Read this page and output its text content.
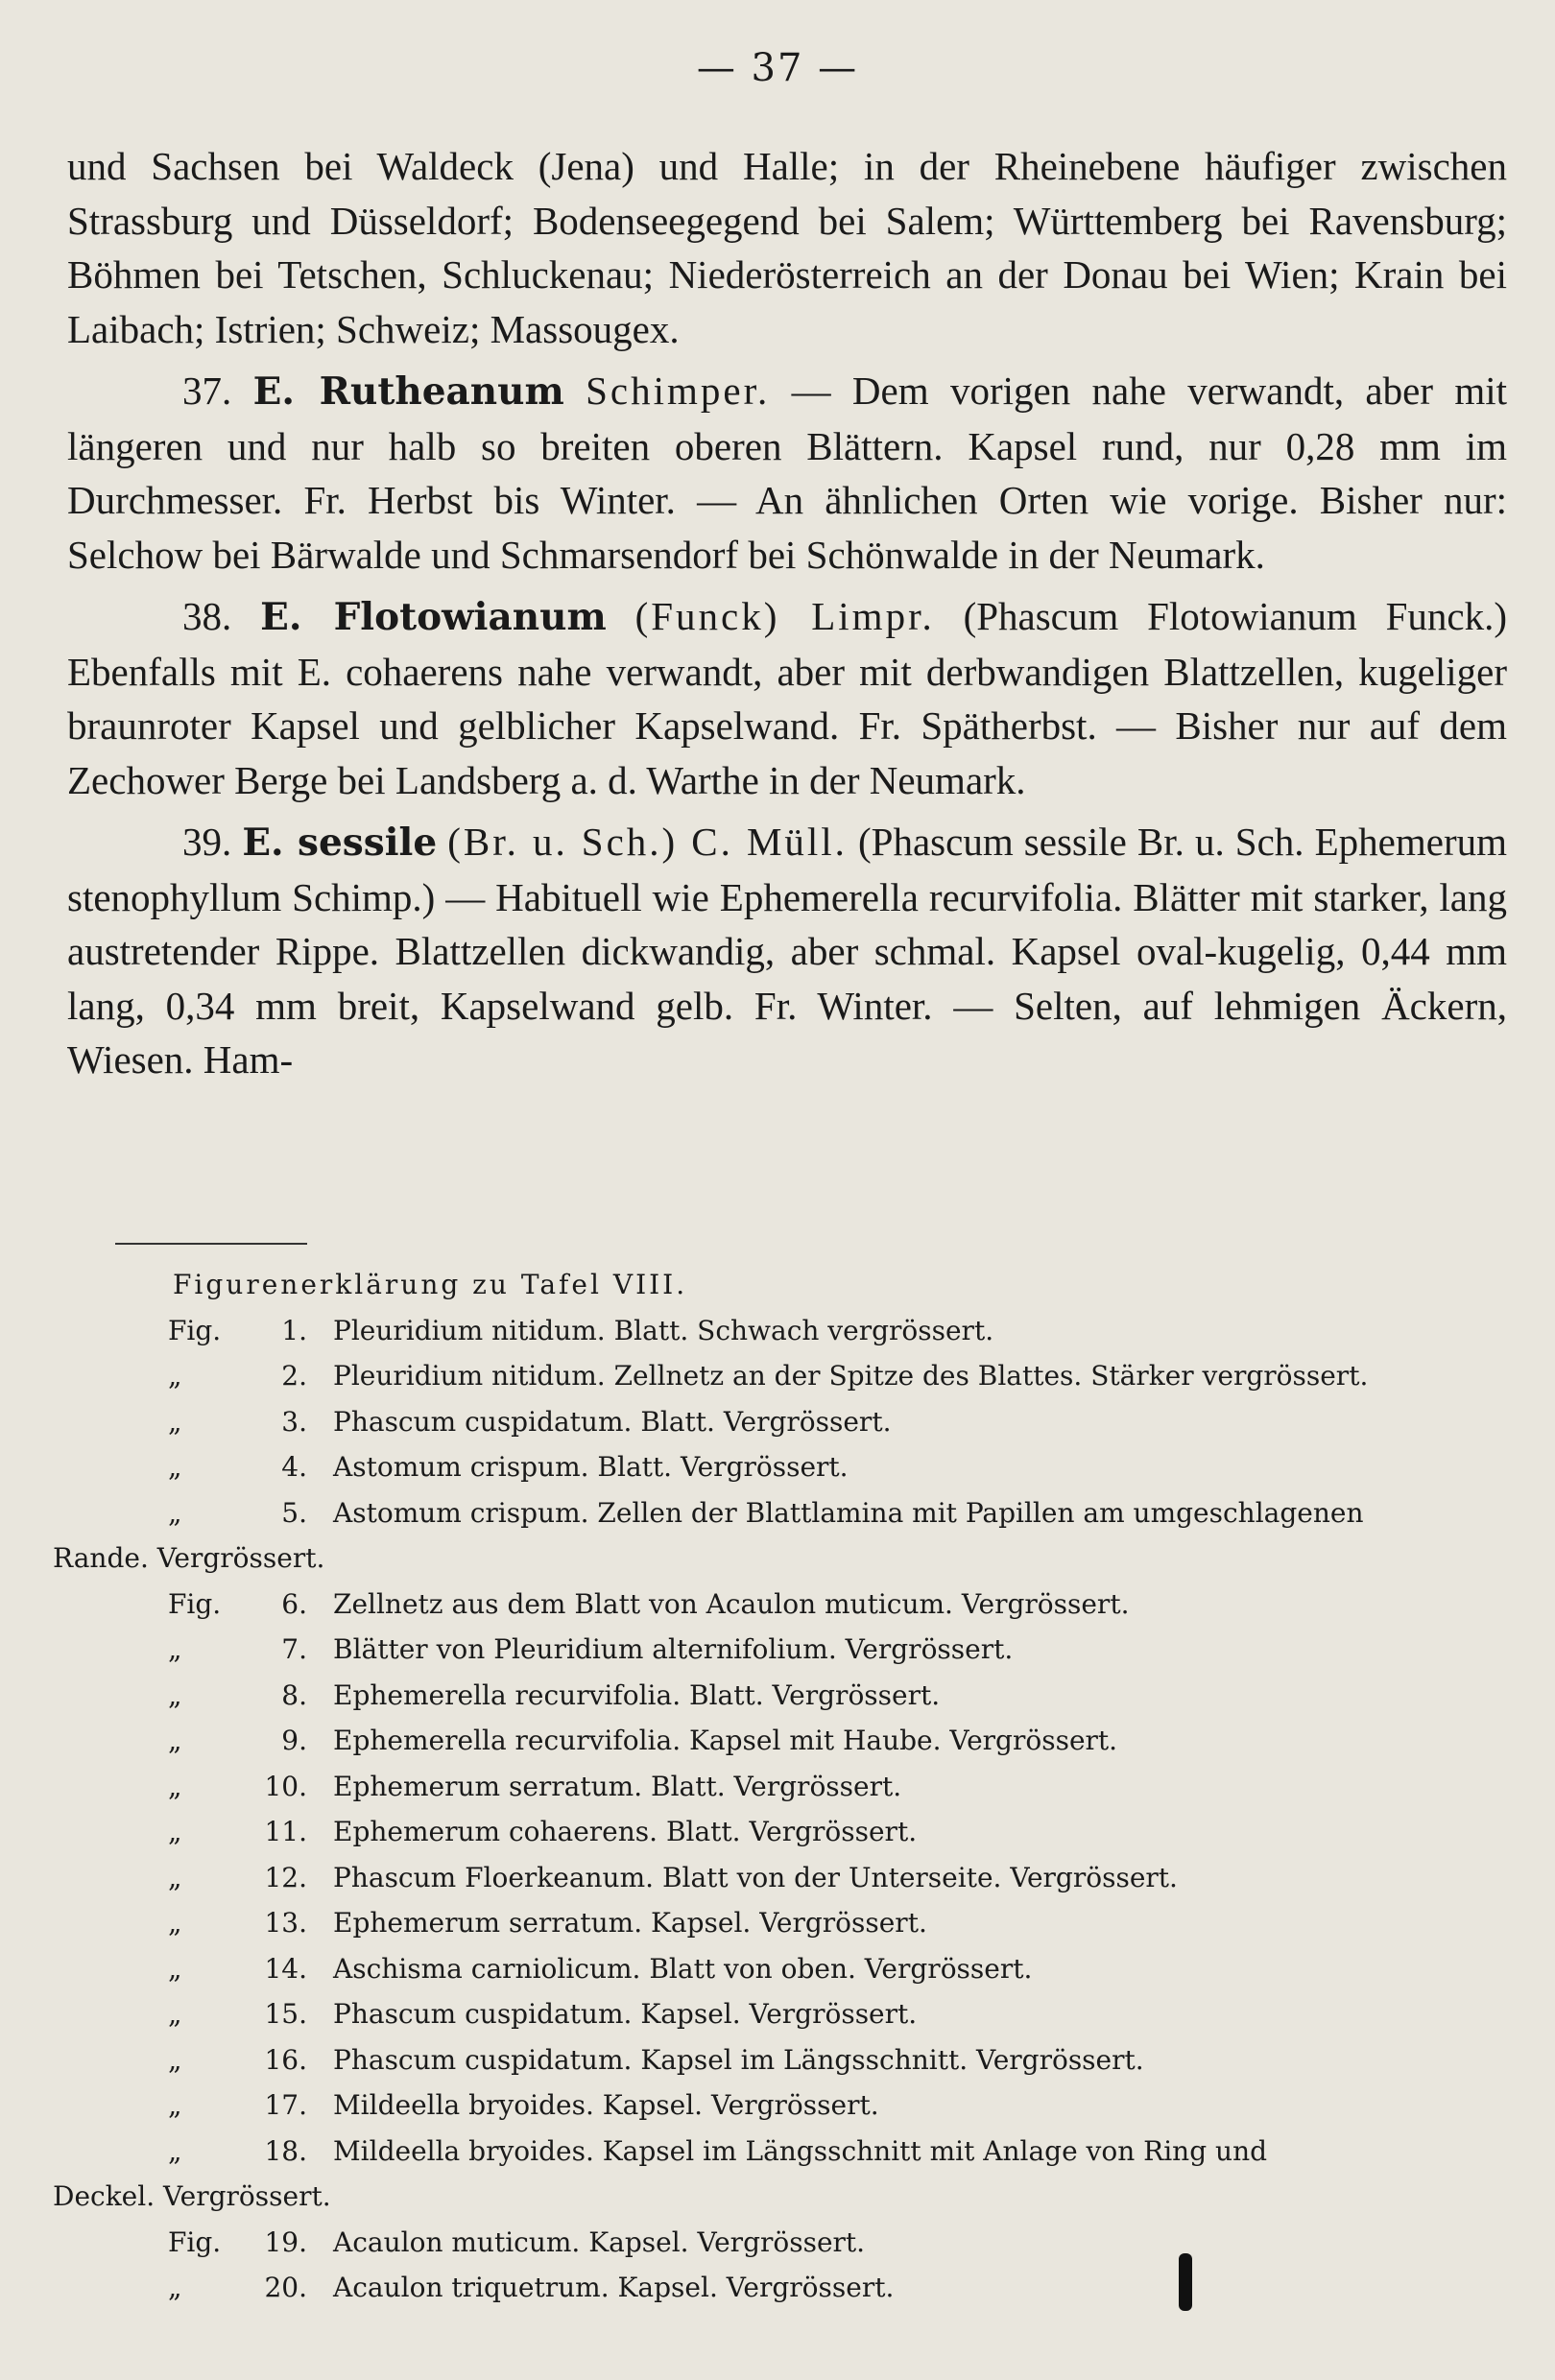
— 37 —

und Sachsen bei Waldeck (Jena) und Halle; in der Rheinebene häufiger zwischen Strassburg und Düsseldorf; Bodenseegegend bei Salem; Württemberg bei Ravensburg; Böhmen bei Tetschen, Schluckenau; Niederösterreich an der Donau bei Wien; Krain bei Laibach; Istrien; Schweiz; Massougex.

37. E. Rutheanum Schimper. — Dem vorigen nahe verwandt, aber mit längeren und nur halb so breiten oberen Blättern. Kapsel rund, nur 0,28 mm im Durchmesser. Fr. Herbst bis Winter. — An ähnlichen Orten wie vorige. Bisher nur: Selchow bei Bärwalde und Schmarsendorf bei Schönwalde in der Neumark.

38. E. Flotowianum (Funck) Limpr. (Phascum Flotowianum Funck.) Ebenfalls mit E. cohaerens nahe verwandt, aber mit derbwandigen Blattzellen, kugeliger braunroter Kapsel und gelblicher Kapselwand. Fr. Spätherbst. — Bisher nur auf dem Zechower Berge bei Landsberg a. d. Warthe in der Neumark.

39. E. sessile (Br. u. Sch.) C. Müll. (Phascum sessile Br. u. Sch. Ephemerum stenophyllum Schimp.) — Habituell wie Ephemerella recurvifolia. Blätter mit starker, lang austretender Rippe. Blattzellen dickwandig, aber schmal. Kapsel oval-kugelig, 0,44 mm lang, 0,34 mm breit, Kapselwand gelb. Fr. Winter. — Selten, auf lehmigen Äckern, Wiesen. Ham-

Figurenerklärung zu Tafel VIII.
Fig.	1. Pleuridium nitidum. Blatt. Schwach vergrössert.
„	2. Pleuridium nitidum. Zellnetz an der Spitze des Blattes. Stärker vergrössert.
„	3. Phascum cuspidatum. Blatt. Vergrössert.
„	4. Astomum crispum. Blatt. Vergrössert.
„	5. Astomum crispum. Zellen der Blattlamina mit Papillen am umgeschlagenen
Rande. Vergrössert.
Fig.	6. Zellnetz aus dem Blatt von Acaulon muticum. Vergrössert.
„	7. Blätter von Pleuridium alternifolium. Vergrössert.
„	8. Ephemerella recurvifolia. Blatt. Vergrössert.
„	9. Ephemerella recurvifolia. Kapsel mit Haube. Vergrössert.
„	10. Ephemerum serratum. Blatt. Vergrössert.
„	11. Ephemerum cohaerens. Blatt. Vergrössert.
„	12. Phascum Floerkeanum. Blatt von der Unterseite. Vergrössert.
„	13. Ephemerum serratum. Kapsel. Vergrössert.
„	14. Aschisma carniolicum. Blatt von oben. Vergrössert.
„	15. Phascum cuspidatum. Kapsel. Vergrössert.
„	16. Phascum cuspidatum. Kapsel im Längsschnitt. Vergrössert.
„	17. Mildeella bryoides. Kapsel. Vergrössert.
„	18. Mildeella bryoides. Kapsel im Längsschnitt mit Anlage von Ring und
Deckel. Vergrössert.
Fig.	19. Acaulon muticum. Kapsel. Vergrössert.
„	20. Acaulon triquetrum. Kapsel. Vergrössert.
